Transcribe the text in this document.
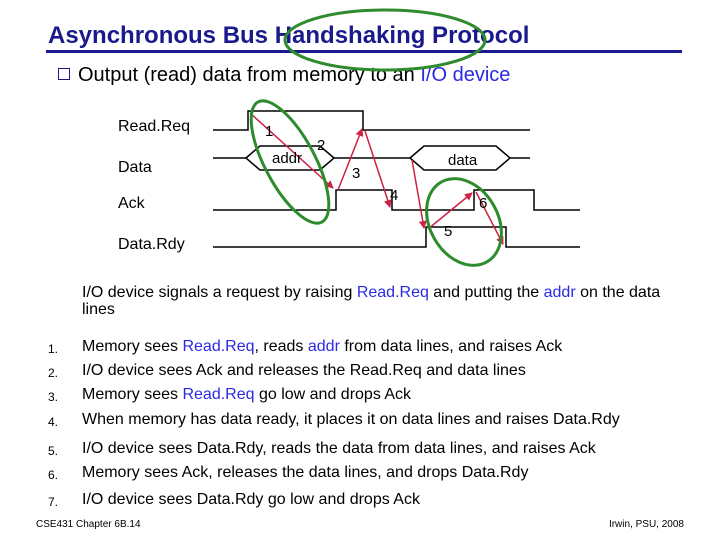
Asynchronous Bus Handshaking Protocol
Output (read) data from memory to an I/O device
Read.Req
Data
Ack
Data.Rdy
1
2
3
4
5
6
addr	data
I/O device signals a request by raising Read.Req and putting the addr on the data lines
1. Memory sees Read.Req, reads addr from data lines, and raises Ack
2. I/O device sees Ack and releases the Read.Req and data lines
3. Memory sees Read.Req go low and drops Ack
4. When memory has data ready, it places it on data lines and raises Data.Rdy
5. I/O device sees Data.Rdy, reads the data from data lines, and raises Ack
6. Memory sees Ack, releases the data lines, and drops Data.Rdy
7. I/O device sees Data.Rdy go low and drops Ack
CSE431 Chapter 6B.14	Irwin, PSU, 2008
